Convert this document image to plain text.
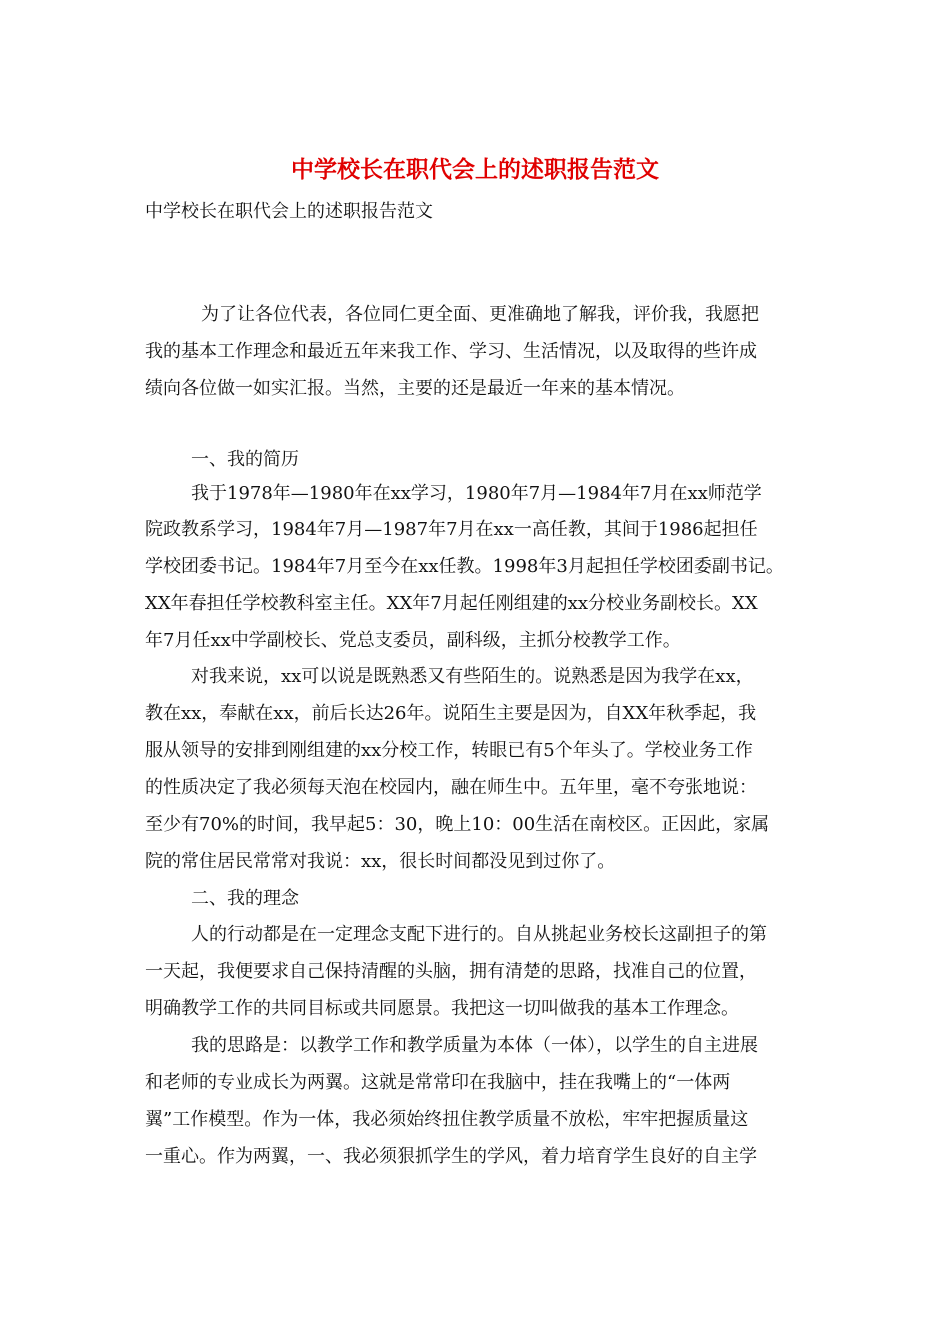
中学校长在职代会上的述职报告范文
中学校长在职代会上的述职报告范文
为了让各位代表，各位同仁更全面、更准确地了解我，评价我，我愿把
我的基本工作理念和最近五年来我工作、学习、生活情况，以及取得的些许成
绩向各位做一如实汇报。当然，主要的还是最近一年来的基本情况。
一、我的简历
我于1978年—1980年在xx学习，1980年7月—1984年7月在xx师范学
院政教系学习，1984年7月—1987年7月在xx一高任教，其间于1986起担任
学校团委书记。1984年7月至今在xx任教。1998年3月起担任学校团委副书记。
XX年春担任学校教科室主任。XX年7月起任刚组建的xx分校业务副校长。XX
年7月任xx中学副校长、党总支委员，副科级，主抓分校教学工作。
对我来说，xx可以说是既熟悉又有些陌生的。说熟悉是因为我学在xx，
教在xx，奉献在xx，前后长达26年。说陌生主要是因为，自XX年秋季起，我
服从领导的安排到刚组建的xx分校工作，转眼已有5个年头了。学校业务工作
的性质决定了我必须每天泡在校园内，融在师生中。五年里，毫不夸张地说：
至少有70%的时间，我早起5：30，晚上10：00生活在南校区。正因此，家属
院的常住居民常常对我说：xx，很长时间都没见到过你了。
二、我的理念
人的行动都是在一定理念支配下进行的。自从挑起业务校长这副担子的第
一天起，我便要求自己保持清醒的头脑，拥有清楚的思路，找准自己的位置，
明确教学工作的共同目标或共同愿景。我把这一切叫做我的基本工作理念。
我的思路是：以教学工作和教学质量为本体（一体），以学生的自主进展
和老师的专业成长为两翼。这就是常常印在我脑中，挂在我嘴上的“一体两
翼”工作模型。作为一体，我必须始终扭住教学质量不放松，牢牢把握质量这
一重心。作为两翼，一、我必须狠抓学生的学风，着力培育学生良好的自主学
